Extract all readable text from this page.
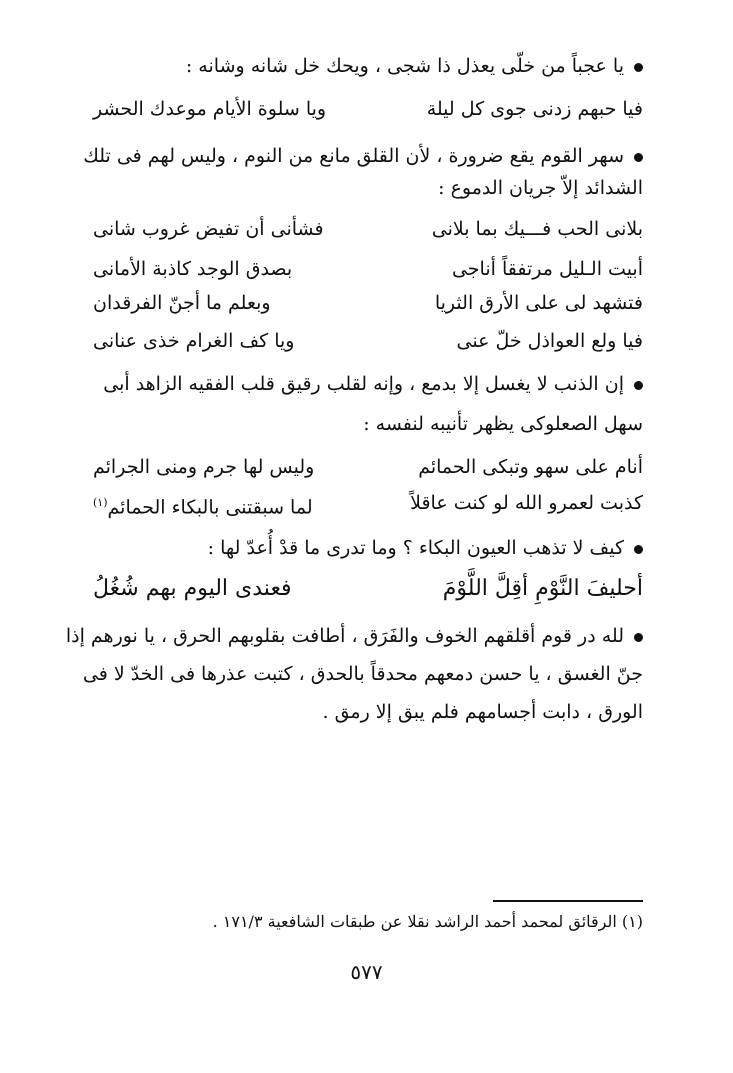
يا عجباً من خلّى يعذل ذا شجى ، ويحك خل شانه وشانه :
فيا حبهم زدنى جوى كل ليلة
ويا سلوة الأيام موعدك الحشر
سهر القوم يقع ضرورة ، لأن القلق مانع من النوم ، وليس لهم فى تلك
الشدائد إلاّ جريان الدموع :
بلانى الحب فـــيك بما بلانى
فشأنى أن تفيض غروب شانى
أبيت الـليل مرتفقاً أناجى
بصدق الوجد كاذبة الأمانى
فتشهد لى على الأرق الثريا
وبعلم ما أجنّ الفرقدان
فيا ولع العواذل خلّ عنى
ويا كف الغرام خذى عنانى
إن الذنب لا يغسل إلا بدمع ، وإنه لقلب رقيق قلب الفقيه الزاهد أبى
سهل الصعلوكى يظهر تأنيبه لنفسه :
أنام على سهو وتبكى الحمائم
وليس لها جرم ومنى الجرائم
كذبت لعمرو الله لو كنت عاقلاً
لما سبقتنى بالبكاء الحمائم$^{(١)}$
كيف لا تذهب العيون البكاء ؟ وما تدرى ما قدْ أُعدّ لها :
أحليفَ النَّوْمِ أقِلَّ اللَّوْمَ
فعندى اليوم بهم شُغُلُ
لله در قوم أقلقهم الخوف والفَرَق ، أطافت بقلوبهم الحرق ، يا نورهم إذا
جنّ الغسق ، يا حسن دمعهم محدقاً بالحدق ، كتبت عذرها فى الخدّ لا فى
الورق ، دابت أجسامهم فلم يبق إلا رمق .
(١) الرقائق لمحمد أحمد الراشد نقلا عن طبقات الشافعية ١٧١/٣ .
٥٧٧
